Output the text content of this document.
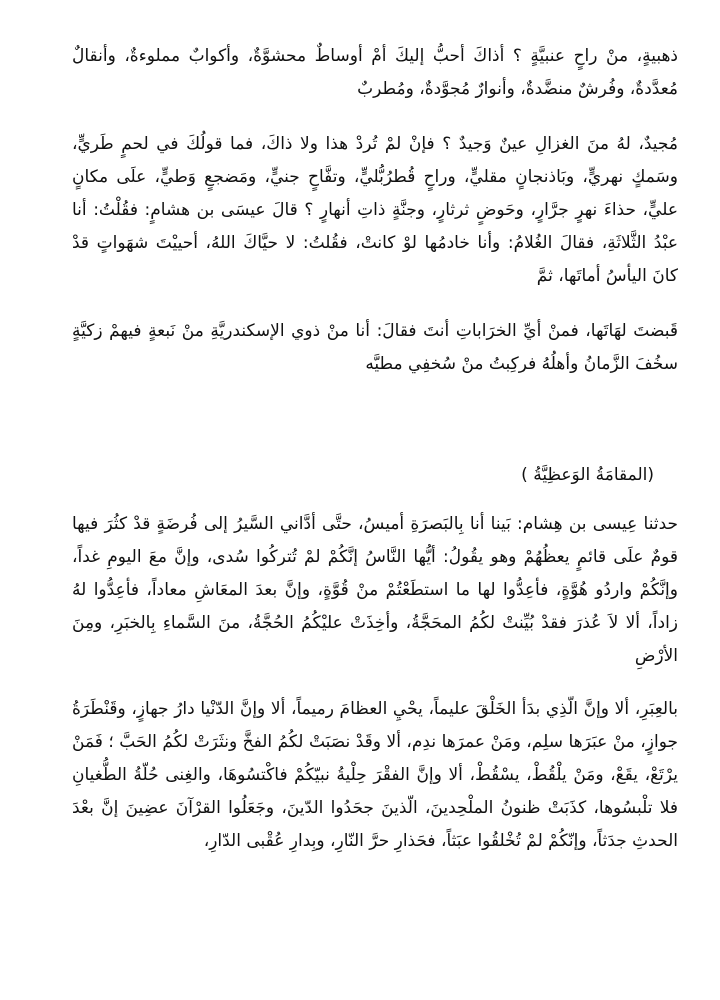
ذهبيةٍ، منْ راحٍ عنبيَّةٍ ؟ أذاكَ أحبُّ إليكَ أمْ أوساطٌ محشوَّةٌ، وأكوابٌ مملوءةٌ، وأنقالٌ مُعدَّدةٌ، وفُرشٌ منضَّدةٌ، وأنوارٌ مُجوَّدةٌ، ومُطربٌ

مُجيدٌ، لهُ منَ الغزالِ عينٌ وَجيدٌ ؟ فإنْ لمْ تُردْ هذا ولا ذاكَ، فما قولُكَ في لحمٍ طَريٍّ، وسَمكٍ نهريٍّ، وبَاذنجانٍ مقليٍّ، وراحٍ قُطرُبُّليٍّ، وتفَّاحٍ جنيٍّ، ومَضجعٍ وَطيٍّ، علَى مكانٍ عليٍّ، حذاءَ نهرٍ جرَّارٍ، وحَوضٍ ثرثارٍ، وجنَّةٍ ذاتِ أنهارٍ ؟ قالَ عيسَى بن هشامٍ: فقُلْتُ: أنا عبْدُ الثَّلاثَةِ، فقالَ الغُلامُ: وأنا خادمُها لوْ كانتْ، فقُلتُ: لا حيَّاكَ اللهُ، أحييْتَ شهَواتٍ قدْ كانَ اليأسُ أماتَها، ثمَّ

قَبضتَ لهَاتَها، فمنْ أيِّ الخرَاباتِ أنتَ فقالَ: أنا منْ ذوي الإسكندريَّةِ منْ نَبعةٍ فيهمْ زكيَّةٍ سخُفَ الزَّمانُ وأهلُهُ فركِبتُ منْ سُخفِي مطيَّه

(المقامَةُ الوَعظِيَّةُ )

حدثنا عِيسى بن هِشام: بَينا أنا بِالبَصرَةِ أميسُ، حتَّى أدَّاني السَّيرُ إلى فُرضَةٍ قدْ كثُرَ فيها قومٌ علَى قائمٍ يعظُهُمْ وهو يقُولُ: أيُّها النَّاسُ إنَّكُمْ لمْ تُتركُوا سُدى، وإنَّ معَ اليومِ غداً، وإنَّكُمْ واردُو هُوَّةٍ، فأعِدُّوا لها ما استطَعْتُمْ منْ قُوَّةٍ، وإنَّ بعدَ المعَاشِ معاداً، فأعِدُّوا لهُ زاداً، ألا لاَ عُذرَ فقدْ بُيِّنتْ لكُمُ المحَجَّةُ، وأخِذَتْ عليْكُمُ الحُجَّةُ، منَ السَّماءِ بِالخبَرِ، ومِنَ الأرْضِ

بالعِبَرِ، ألا وإنَّ الّذِي بدَأ الخَلْقَ عليماً، يحْيِ العظامَ رميماً، ألا وإنَّ الدّنْيا دارُ جهازٍ، وقَنْطَرَةُ جوازٍ، منْ عبَرَها سلِم، ومَنْ عمرَها ندِم، ألا وقَدْ نصَبَتْ لكُمُ الفخَّ ونثَرَتْ لكُمُ الحَبَّ ؛ فَمَنْ يرْتَعْ، يقَعْ، ومَنْ يلْقُطْ، يسْقُطْ، ألا وإنَّ الفقْرَ حِلْيةُ نبيّكُمْ فاكْتسُوهَا، والغِنى حُلّةُ الطُّغيانِ فلا تلْبسُوها، كذَبَتْ ظنونُ الملْحِدينَ، الّذينَ جحَدُوا الدّينَ، وجَعَلُوا القرْآنَ عضِينَ إنَّ بعْدَ الحدثِ جدَثاً، وإنّكُمْ لمْ تُخْلقُوا عبَثاً، فحَذارِ حرَّ النّارِ، وبِدارِ عُقْبى الدّارِ،
